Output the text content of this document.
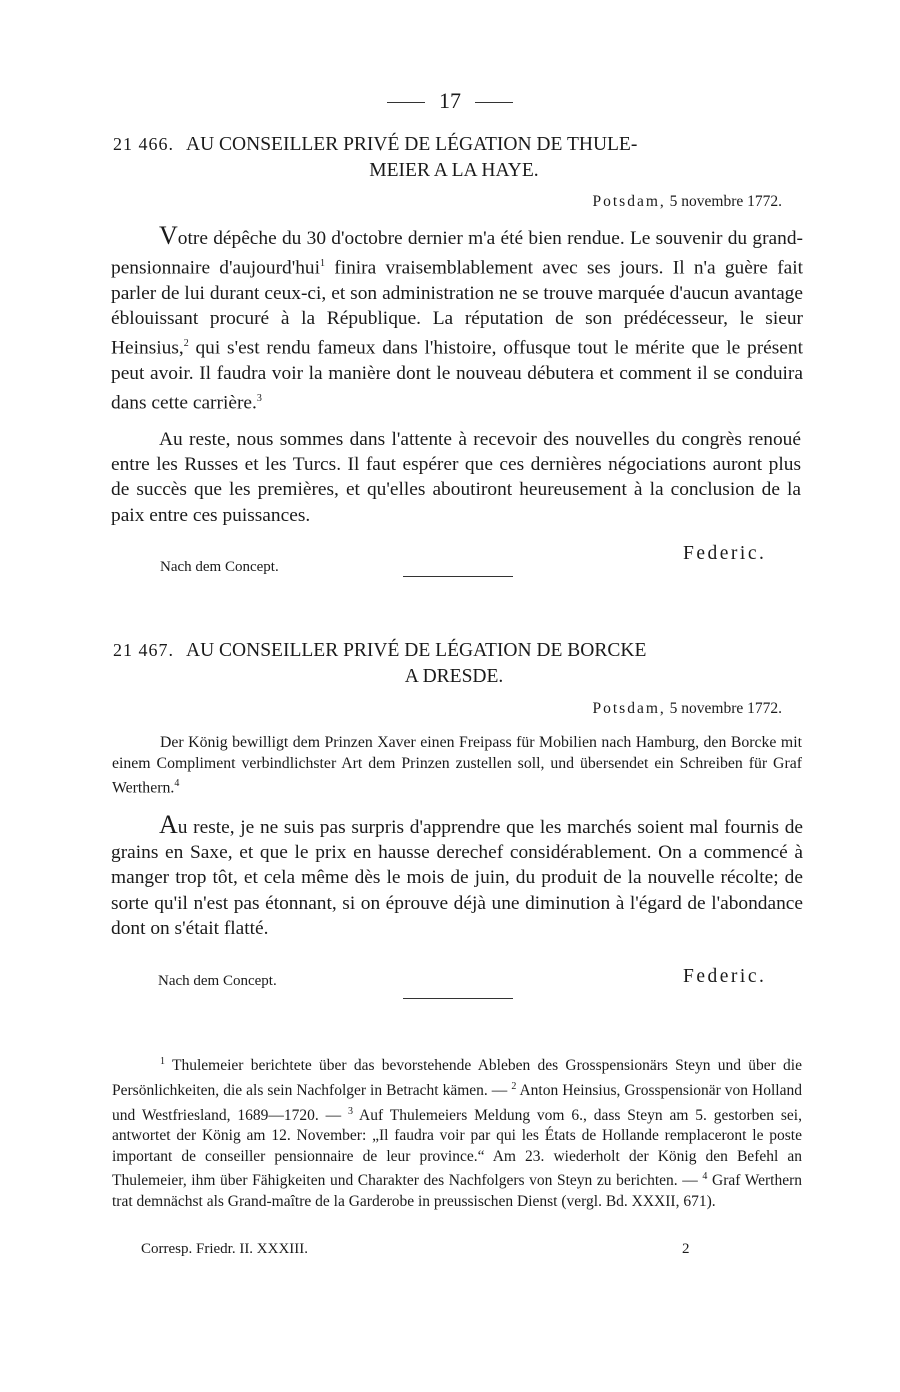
17
21 466. AU CONSEILLER PRIVÉ DE LÉGATION DE THULE-
MEIER A LA HAYE.
Potsdam, 5 novembre 1772.

Votre dépêche du 30 d'octobre dernier m'a été bien rendue. Le souvenir du grand-pensionnaire d'aujourd'hui$^1$ finira vraisemblablement avec ses jours. Il n'a guère fait parler de lui durant ceux-ci, et son administration ne se trouve marquée d'aucun avantage éblouissant procuré à la République. La réputation de son prédécesseur, le sieur Heinsius,$^2$ qui s'est rendu fameux dans l'histoire, offusque tout le mérite que le présent peut avoir. Il faudra voir la manière dont le nouveau débutera et comment il se conduira dans cette carrière.$^3$

Au reste, nous sommes dans l'attente à recevoir des nouvelles du congrès renoué entre les Russes et les Turcs. Il faut espérer que ces dernières négociations auront plus de succès que les premières, et qu'elles aboutiront heureusement à la conclusion de la paix entre ces puissances.

Federic.
Nach dem Concept.
21 467. AU CONSEILLER PRIVÉ DE LÉGATION DE BORCKE
A DRESDE.
Potsdam, 5 novembre 1772.

Der König bewilligt dem Prinzen Xaver einen Freipass für Mobilien nach Hamburg, den Borcke mit einem Compliment verbindlichster Art dem Prinzen zustellen soll, und übersendet ein Schreiben für Graf Werthern.$^4$

Au reste, je ne suis pas surpris d'apprendre que les marchés soient mal fournis de grains en Saxe, et que le prix en hausse derechef considérablement. On a commencé à manger trop tôt, et cela même dès le mois de juin, du produit de la nouvelle récolte; de sorte qu'il n'est pas étonnant, si on éprouve déjà une diminution à l'égard de l'abondance dont on s'était flatté.

Federic.
Nach dem Concept.

$^1$ Thulemeier berichtete über das bevorstehende Ableben des Grosspensionärs Steyn und über die Persönlichkeiten, die als sein Nachfolger in Betracht kämen. — $^2$ Anton Heinsius, Grosspensionär von Holland und Westfriesland, 1689—1720. — $^3$ Auf Thulemeiers Meldung vom 6., dass Steyn am 5. gestorben sei, antwortet der König am 12. November: „Il faudra voir par qui les États de Hollande remplaceront le poste important de conseiller pensionnaire de leur province.“ Am 23. wiederholt der König den Befehl an Thulemeier, ihm über Fähigkeiten und Charakter des Nachfolgers von Steyn zu berichten. — $^4$ Graf Werthern trat demnächst als Grand-maître de la Garderobe in preussischen Dienst (vergl. Bd. XXXII, 671).

Corresp. Friedr. II. XXXIII.	2
